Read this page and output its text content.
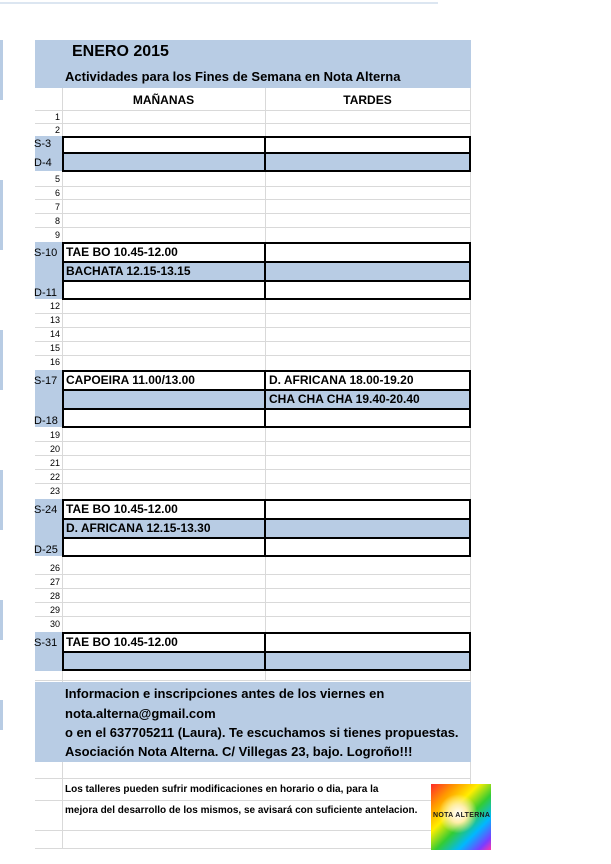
ENERO 2015
Actividades para los Fines de Semana en Nota Alterna
MAÑANAS	TARDES
1
2
5
6
7
8
9
12
13
14
15
16
19
20
21
22
23
26
27
28
29
30
S-3
D-4
S-10
D-11
TAE BO 10.45-12.00
BACHATA 12.15-13.15
S-17
D-18
CAPOEIRA 11.00/13.00	D. AFRICANA 18.00-19.20
CHA CHA CHA 19.40-20.40
S-24
D-25
TAE BO 10.45-12.00
D. AFRICANA 12.15-13.30
S-31 TAE BO 10.45-12.00
Informacion e inscripciones antes de los viernes en
nota.alterna@gmail.com
o en el 637705211 (Laura). Te escuchamos si tienes propuestas.
Asociación Nota Alterna. C/ Villegas 23, bajo. Logroño!!!
Los talleres pueden sufrir modificaciones en horario o dia, para la
mejora del desarrollo de los mismos, se avisará con suficiente antelacion. NOTA ALTERNA
